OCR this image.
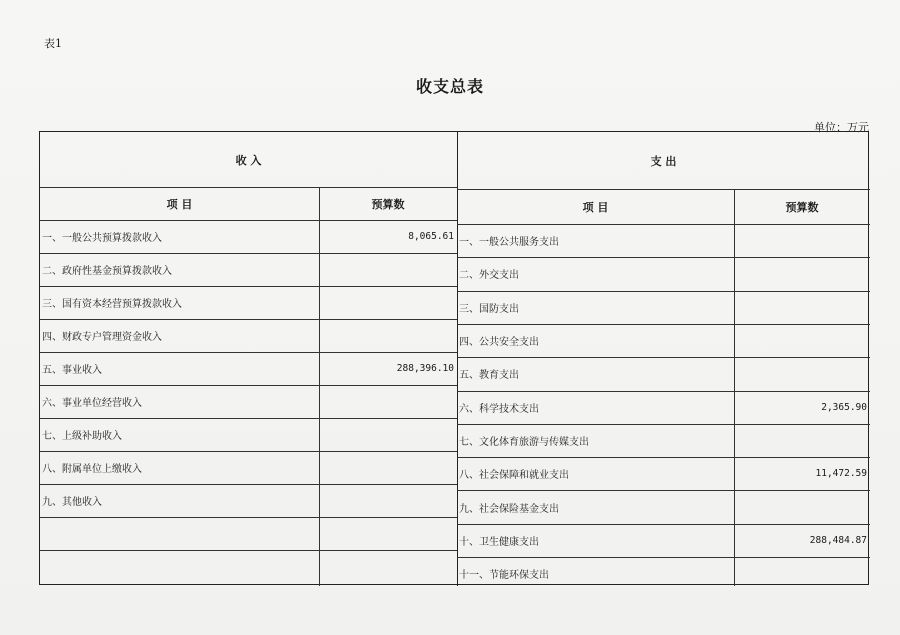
表1
收支总表
单位：万元
收 入
项 目	预算数
一、一般公共预算拨款收入	8,065.61
二、政府性基金预算拨款收入
三、国有资本经营预算拨款收入
四、财政专户管理资金收入
五、事业收入	288,396.10
六、事业单位经营收入
七、上级补助收入
八、附属单位上缴收入
九、其他收入
支 出
项 目	预算数
一、一般公共服务支出
二、外交支出
三、国防支出
四、公共安全支出
五、教育支出
六、科学技术支出	2,365.90
七、文化体育旅游与传媒支出
八、社会保障和就业支出	11,472.59
九、社会保险基金支出
十、卫生健康支出	288,484.87
十一、节能环保支出
